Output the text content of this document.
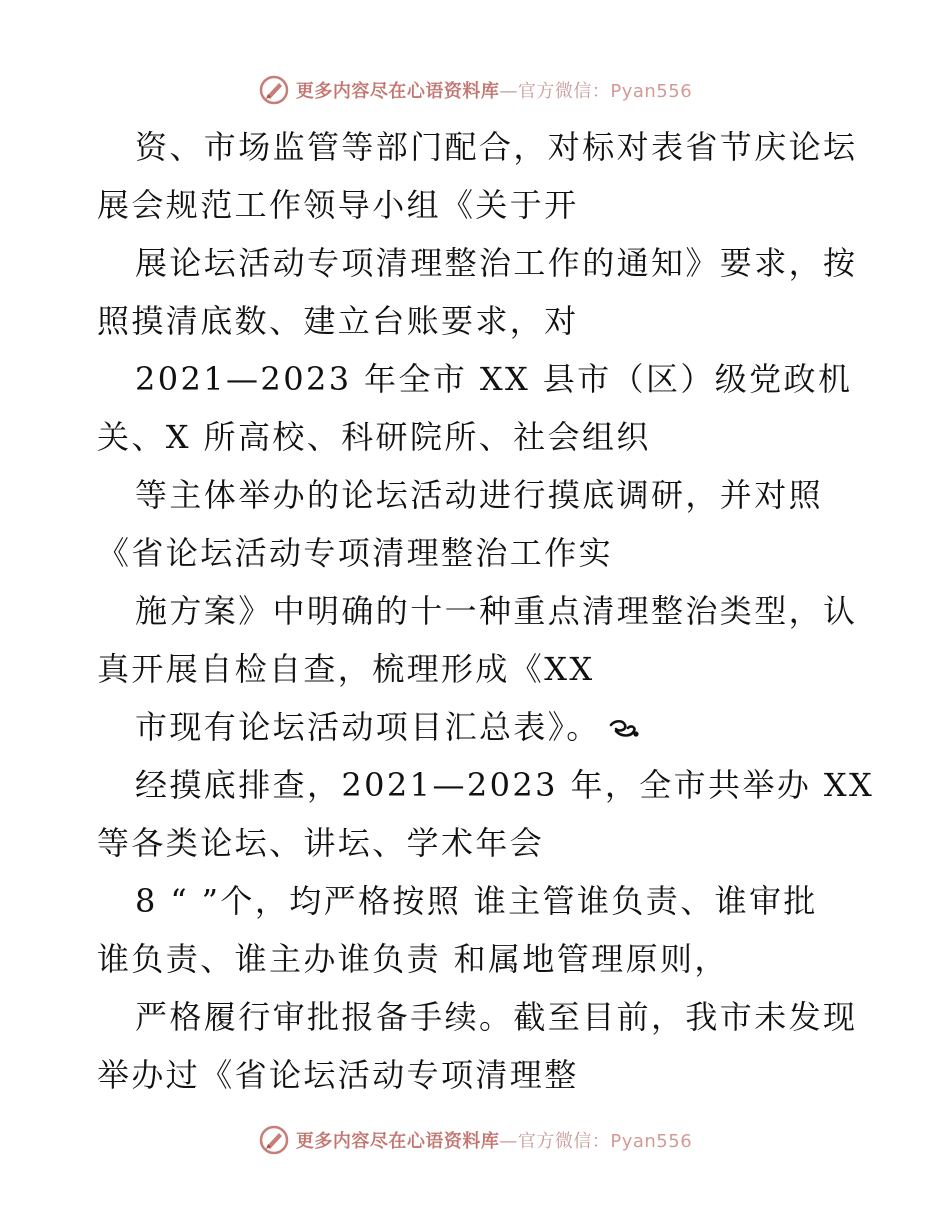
更多内容尽在心语资料库—官方微信：Pyan556
资、市场监管等部门配合，对标对表省节庆论坛
展会规范工作领导小组《关于开
展论坛活动专项清理整治工作的通知》要求，按
照摸清底数、建立台账要求，对
2021—2023 年全市 XX 县市（区）级党政机
关、X 所高校、科研院所、社会组织
等主体举办的论坛活动进行摸底调研，并对照
《省论坛活动专项清理整治工作实
施方案》中明确的十一种重点清理整治类型，认
真开展自检自查，梳理形成《XX
市现有论坛活动项目汇总表》。
经摸底排查，2021—2023 年，全市共举办 XX
等各类论坛、讲坛、学术年会
8 “ ”个，均严格按照 谁主管谁负责、谁审批
谁负责、谁主办谁负责 和属地管理原则，
严格履行审批报备手续。截至目前，我市未发现
举办过《省论坛活动专项清理整
更多内容尽在心语资料库—官方微信：Pyan556
